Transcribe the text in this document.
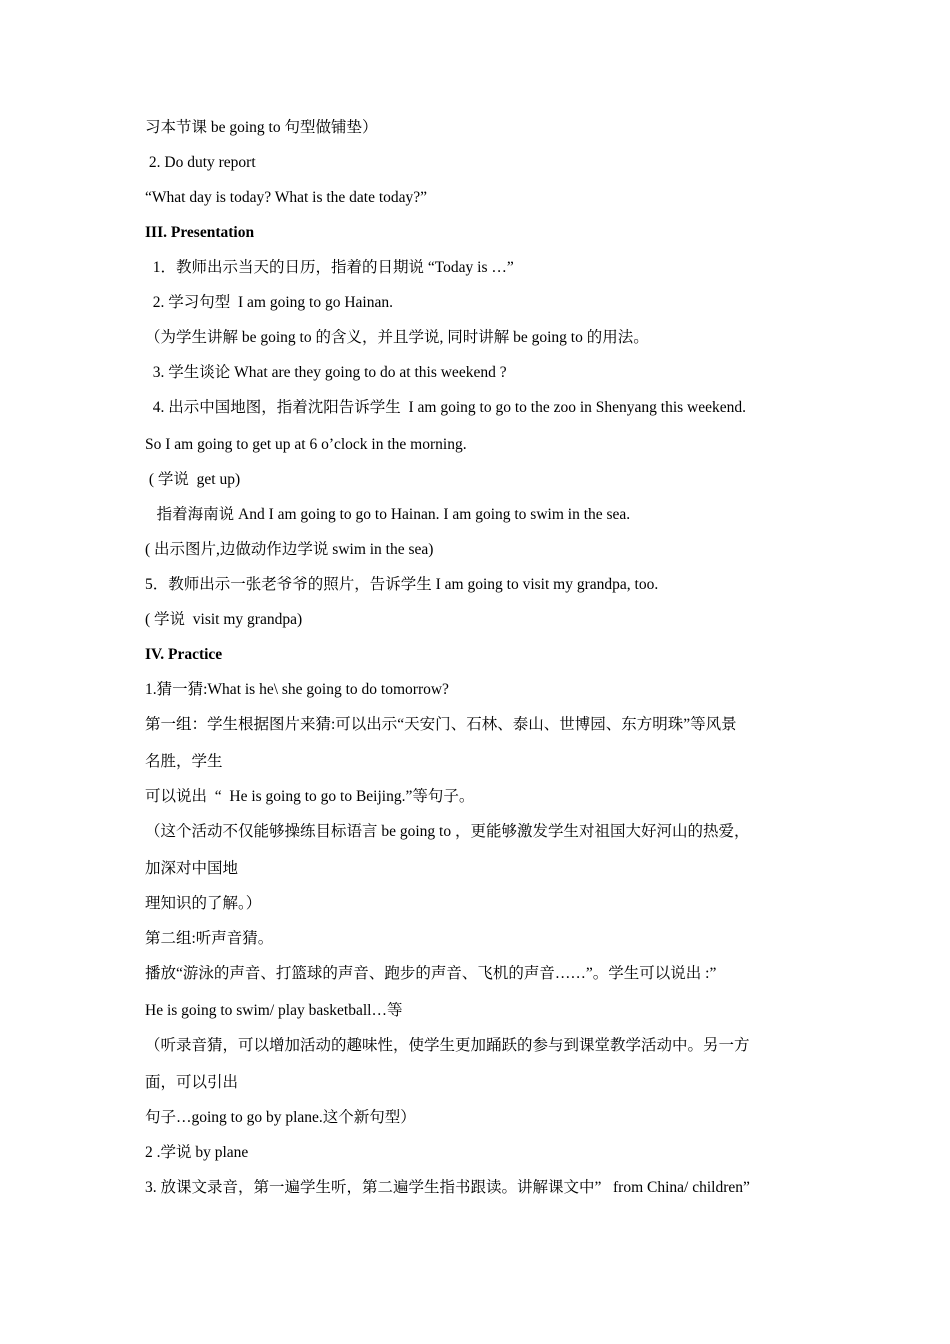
习本节课 be going to 句型做铺垫）
2. Do duty report
“What day is today? What is the date today?”
III. Presentation
1．教师出示当天的日历，指着的日期说 “Today is …”
2. 学习句型  I am going to go Hainan.
（为学生讲解 be going to 的含义，并且学说, 同时讲解 be going to 的用法。
3. 学生谈论 What are they going to do at this weekend ?
4. 出示中国地图，指着沈阳告诉学生  I am going to go to the zoo in Shenyang this weekend.
So I am going to get up at 6 o’clock in the morning.
( 学说  get up)
指着海南说 And I am going to go to Hainan. I am going to swim in the sea.
( 出示图片,边做动作边学说 swim in the sea)
5．教师出示一张老爷爷的照片，告诉学生 I am going to visit my grandpa, too.
( 学说  visit my grandpa)
IV. Practice
1.猜一猜:What is he\ she going to do tomorrow?
第一组：学生根据图片来猜:可以出示“天安门、石林、泰山、世博园、东方明珠”等风景
名胜，学生
可以说出  “  He is going to go to Beijing.”等句子。
（这个活动不仅能够操练目标语言 be going to ，更能够激发学生对祖国大好河山的热爱，
加深对中国地
理知识的了解。）
第二组:听声音猜。
播放“游泳的声音、打篮球的声音、跑步的声音、飞机的声音……”。学生可以说出 :”
He is going to swim/ play basketball…等
（听录音猜，可以增加活动的趣味性，使学生更加踊跃的参与到课堂教学活动中。另一方
面，可以引出
句子…going to go by plane.这个新句型）
2 .学说 by plane
3. 放课文录音，第一遍学生听，第二遍学生指书跟读。讲解课文中”   from China/ children”
